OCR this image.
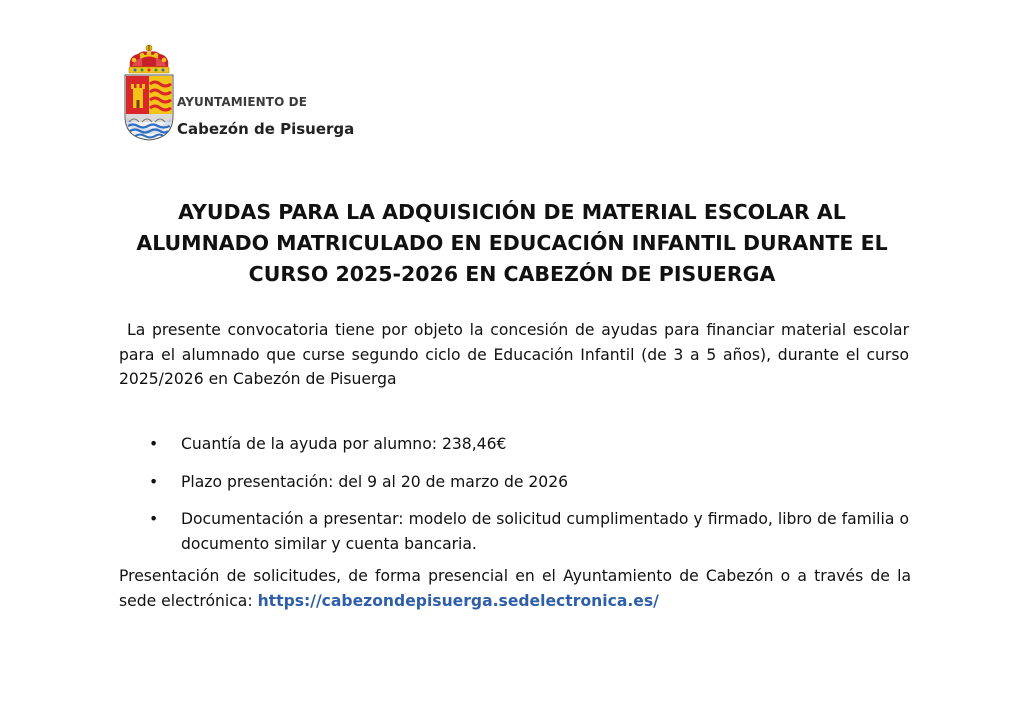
AYUNTAMIENTO DE
Cabezón de Pisuerga
AYUDAS PARA LA ADQUISICIÓN DE MATERIAL ESCOLAR AL
ALUMNADO MATRICULADO EN EDUCACIÓN INFANTIL DURANTE EL
CURSO 2025-2026 EN CABEZÓN DE PISUERGA

La presente convocatoria tiene por objeto la concesión de ayudas para financiar material escolar para el alumnado que curse segundo ciclo de Educación Infantil (de 3 a 5 años), durante el curso 2025/2026 en Cabezón de Pisuerga

• Cuantía de la ayuda por alumno: 238,46€
• Plazo presentación: del 9 al 20 de marzo de 2026
• Documentación a presentar: modelo de solicitud cumplimentado y firmado, libro de familia o documento similar y cuenta bancaria.

Presentación de solicitudes, de forma presencial en el Ayuntamiento de Cabezón o a través de la sede electrónica: https://cabezondepisuerga.sedelectronica.es/
